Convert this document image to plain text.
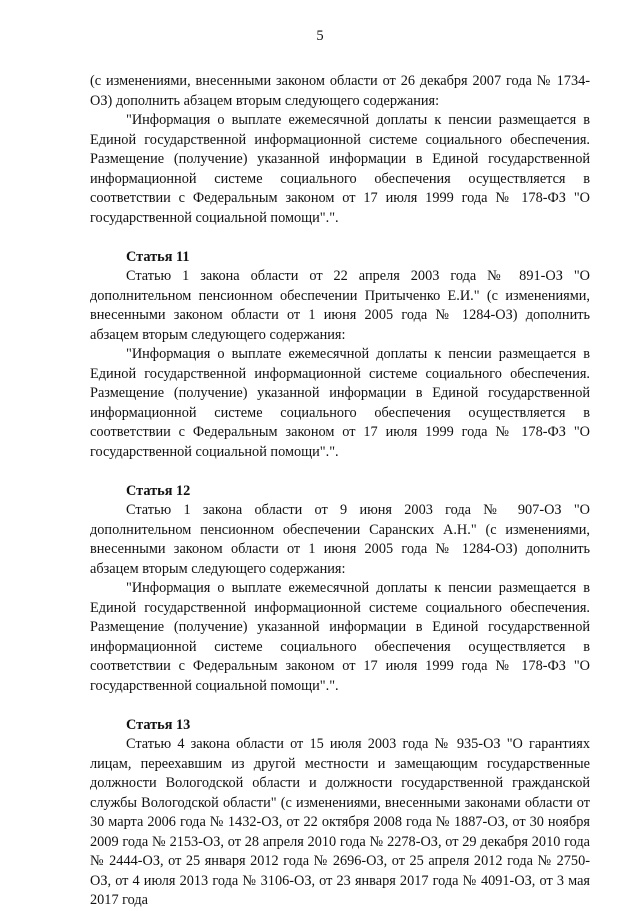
5

(с изменениями, внесенными законом области от 26 декабря 2007 года № 1734-ОЗ) дополнить абзацем вторым следующего содержания:

"Информация о выплате ежемесячной доплаты к пенсии размещается в Единой государственной информационной системе социального обеспечения. Размещение (получение) указанной информации в Единой государственной информационной системе социального обеспечения осуществляется в соответствии с Федеральным законом от 17 июля 1999 года № 178-ФЗ "О государственной социальной помощи".".

Статья 11

Статью 1 закона области от 22 апреля 2003 года № 891-ОЗ "О дополнительном пенсионном обеспечении Притыченко Е.И." (с изменениями, внесенными законом области от 1 июня 2005 года № 1284-ОЗ) дополнить абзацем вторым следующего содержания:

"Информация о выплате ежемесячной доплаты к пенсии размещается в Единой государственной информационной системе социального обеспечения. Размещение (получение) указанной информации в Единой государственной информационной системе социального обеспечения осуществляется в соответствии с Федеральным законом от 17 июля 1999 года № 178-ФЗ "О государственной социальной помощи".".

Статья 12

Статью 1 закона области от 9 июня 2003 года № 907-ОЗ "О дополнительном пенсионном обеспечении Саранских А.Н." (с изменениями, внесенными законом области от 1 июня 2005 года № 1284-ОЗ) дополнить абзацем вторым следующего содержания:

"Информация о выплате ежемесячной доплаты к пенсии размещается в Единой государственной информационной системе социального обеспечения. Размещение (получение) указанной информации в Единой государственной информационной системе социального обеспечения осуществляется в соответствии с Федеральным законом от 17 июля 1999 года № 178-ФЗ "О государственной социальной помощи".".

Статья 13

Статью 4 закона области от 15 июля 2003 года № 935-ОЗ "О гарантиях лицам, переехавшим из другой местности и замещающим государственные должности Вологодской области и должности государственной гражданской службы Вологодской области" (с изменениями, внесенными законами области от 30 марта 2006 года № 1432-ОЗ, от 22 октября 2008 года № 1887-ОЗ, от 30 ноября 2009 года № 2153-ОЗ, от 28 апреля 2010 года № 2278-ОЗ, от 29 декабря 2010 года № 2444-ОЗ, от 25 января 2012 года № 2696-ОЗ, от 25 апреля 2012 года № 2750-ОЗ, от 4 июля 2013 года № 3106-ОЗ, от 23 января 2017 года № 4091-ОЗ, от 3 мая 2017 года
